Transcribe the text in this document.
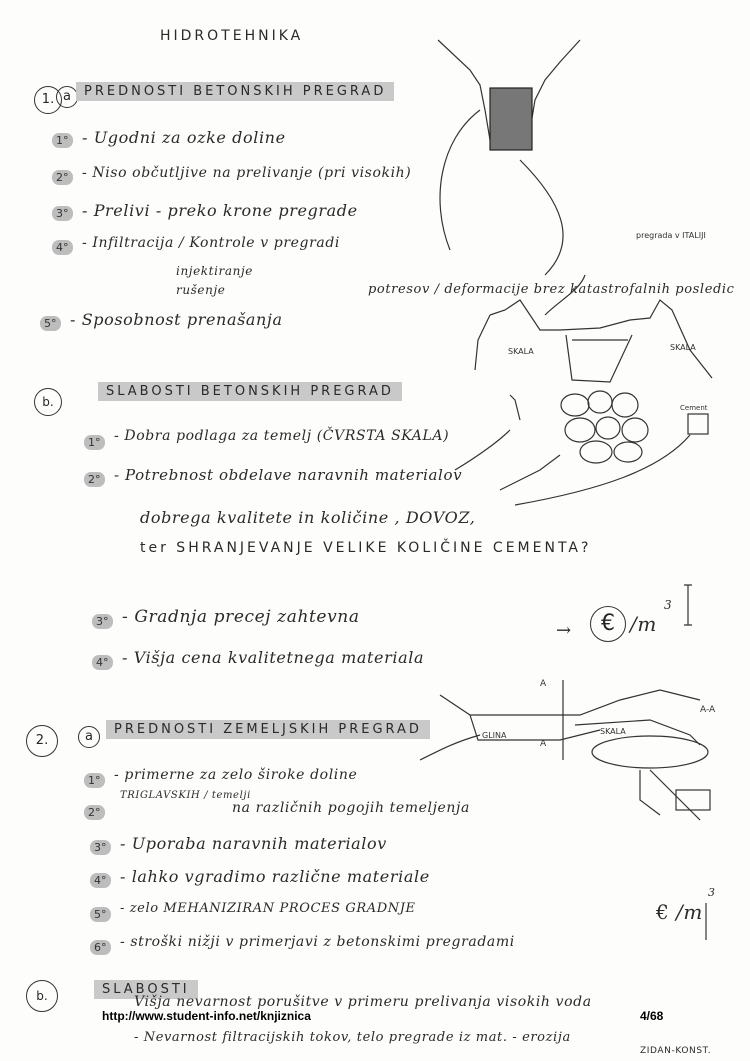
HIDROTEHNIKA
1. a	PREDNOSTI BETONSKIH PREGRAD
1° - Ugodni za ozke doline
2° - Niso občutljive na prelivanje (pri visokih)
3° - Prelivi - preko krone pregrade
4° - Infiltracija / Kontrole v pregradi
injektiranje
rušenje
5° - Sposobnost prenašanja
potresov / deformacije brez katastrofalnih posledic
b.
SLABOSTI BETONSKIH PREGRAD
1° - Dobra podlaga za temelj (ČVRSTA SKALA)
2° - Potrebnost obdelave naravnih materialov
dobrega kvalitete in količine , DOVOZ,
ter SHRANJEVANJE VELIKE KOLIČINE CEMENTA?
3° - Gradnja precej zahtevna
4° - Višja cena kvalitetnega materiala
→	€ /m
3
2.	a	PREDNOSTI ZEMELJSKIH PREGRAD
1° - primerne za zelo široke doline
2°
TRIGLAVSKIH / temelji
na različnih pogojih temeljenja
3° - Uporaba naravnih materialov
4° - lahko vgradimo različne materiale
5°	- zelo MEHANIZIRAN PROCES GRADNJE
6° - stroški nižji v primerjavi z betonskimi pregradami
€ /m
3
b.	SLABOSTI
Višja nevarnost porušitve v primeru prelivanja visokih voda
- Nevarnost filtracijskih tokov, telo pregrade iz mat. - erozija
ZIDAN-KONST.
SKALA	SKALA
pregrada v ITALIJI
Cement
GLINA	SKALA
A
A
A-A
http://www.student-info.net/knjiznica	4/68
